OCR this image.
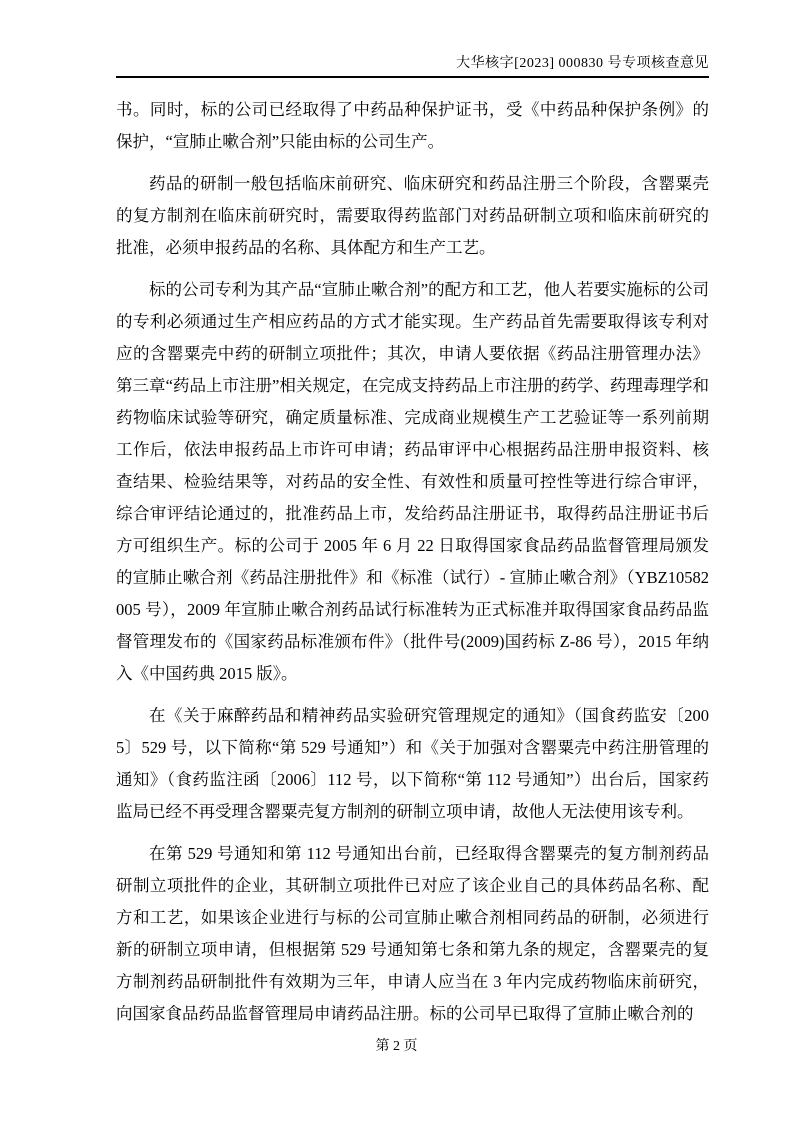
大华核字[2023] 000830 号专项核查意见

书。同时，标的公司已经取得了中药品种保护证书，受《中药品种保护条例》的保护，“宣肺止嗽合剂”只能由标的公司生产。

药品的研制一般包括临床前研究、临床研究和药品注册三个阶段，含罂粟壳的复方制剂在临床前研究时，需要取得药监部门对药品研制立项和临床前研究的批准，必须申报药品的名称、具体配方和生产工艺。

标的公司专利为其产品“宣肺止嗽合剂”的配方和工艺，他人若要实施标的公司的专利必须通过生产相应药品的方式才能实现。生产药品首先需要取得该专利对应的含罂粟壳中药的研制立项批件；其次，申请人要依据《药品注册管理办法》第三章“药品上市注册”相关规定，在完成支持药品上市注册的药学、药理毒理学和药物临床试验等研究，确定质量标准、完成商业规模生产工艺验证等一系列前期工作后，依法申报药品上市许可申请；药品审评中心根据药品注册申报资料、核查结果、检验结果等，对药品的安全性、有效性和质量可控性等进行综合审评，综合审评结论通过的，批准药品上市，发给药品注册证书，取得药品注册证书后方可组织生产。标的公司于 2005 年 6 月 22 日取得国家食品药品监督管理局颁发的宣肺止嗽合剂《药品注册批件》和《标准（试行）- 宣肺止嗽合剂》（YBZ10582005 号），2009 年宣肺止嗽合剂药品试行标准转为正式标准并取得国家食品药品监督管理发布的《国家药品标准颁布件》（批件号(2009)国药标 Z-86 号），2015 年纳入《中国药典 2015 版》。

在《关于麻醉药品和精神药品实验研究管理规定的通知》（国食药监安〔2005〕529 号，以下简称“第 529 号通知”）和《关于加强对含罂粟壳中药注册管理的通知》（食药监注函〔2006〕112 号，以下简称“第 112 号通知”）出台后，国家药监局已经不再受理含罂粟壳复方制剂的研制立项申请，故他人无法使用该专利。

在第 529 号通知和第 112 号通知出台前，已经取得含罂粟壳的复方制剂药品研制立项批件的企业，其研制立项批件已对应了该企业自己的具体药品名称、配方和工艺，如果该企业进行与标的公司宣肺止嗽合剂相同药品的研制，必须进行新的研制立项申请，但根据第 529 号通知第七条和第九条的规定，含罂粟壳的复方制剂药品研制批件有效期为三年，申请人应当在 3 年内完成药物临床前研究，向国家食品药品监督管理局申请药品注册。标的公司早已取得了宣肺止嗽合剂的

第 2 页
